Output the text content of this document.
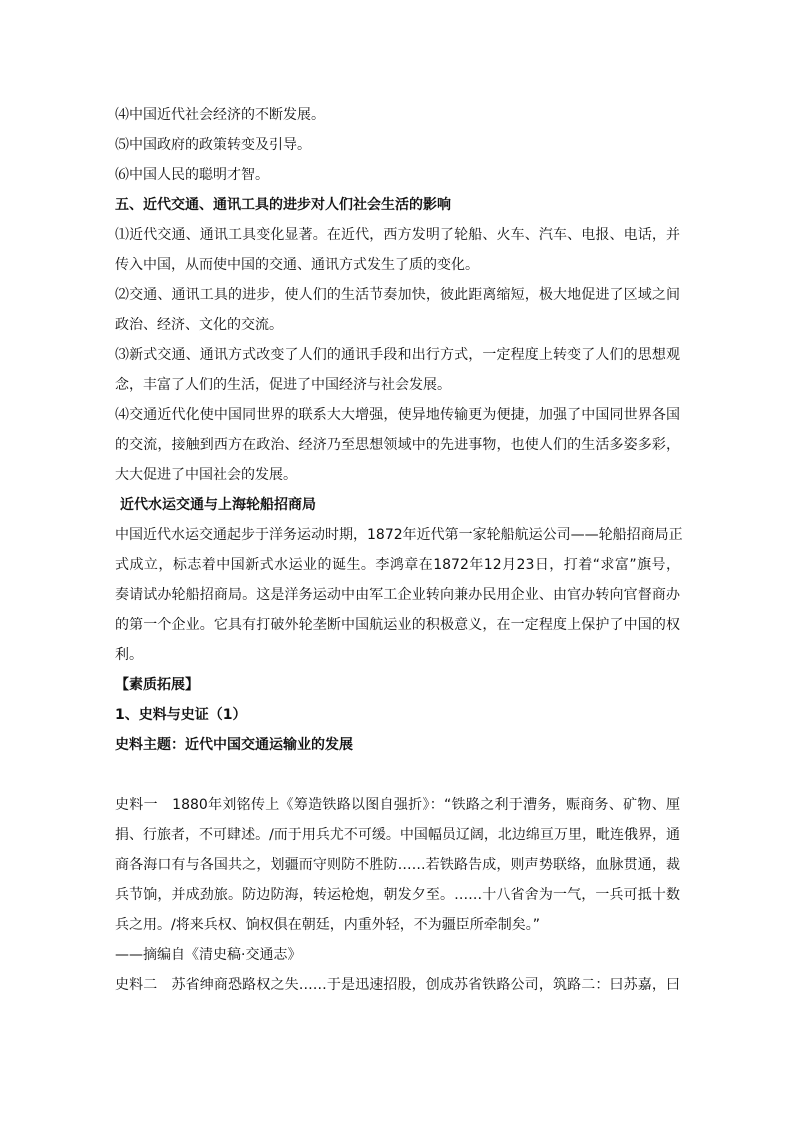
⑷中国近代社会经济的不断发展。
⑸中国政府的政策转变及引导。
⑹中国人民的聪明才智。
五、近代交通、通讯工具的进步对人们社会生活的影响
⑴近代交通、通讯工具变化显著。在近代，西方发明了轮船、火车、汽车、电报、电话，并
传入中国，从而使中国的交通、通讯方式发生了质的变化。
⑵交通、通讯工具的进步，使人们的生活节奏加快，彼此距离缩短，极大地促进了区域之间
政治、经济、文化的交流。
⑶新式交通、通讯方式改变了人们的通讯手段和出行方式，一定程度上转变了人们的思想观
念，丰富了人们的生活，促进了中国经济与社会发展。
⑷交通近代化使中国同世界的联系大大增强，使异地传输更为便捷，加强了中国同世界各国
的交流，接触到西方在政治、经济乃至思想领域中的先进事物，也使人们的生活多姿多彩，
大大促进了中国社会的发展。
近代水运交通与上海轮船招商局
中国近代水运交通起步于洋务运动时期，1872年近代第一家轮船航运公司——轮船招商局正
式成立，标志着中国新式水运业的诞生。李鸿章在1872年12月23日，打着“求富”旗号，
奏请试办轮船招商局。这是洋务运动中由军工企业转向兼办民用企业、由官办转向官督商办
的第一个企业。它具有打破外轮垄断中国航运业的积极意义，在一定程度上保护了中国的权
利。
【素质拓展】
1、史料与史证（1）
史料主题：近代中国交通运输业的发展
史料一　1880年刘铭传上《筹造铁路以图自强折》：“铁路之利于漕务，赈商务、矿物、厘
捐、行旅者，不可肆述。/而于用兵尤不可缓。中国幅员辽阔，北边绵亘万里，毗连俄界，通
商各海口有与各国共之，划疆而守则防不胜防……若铁路告成，则声势联络，血脉贯通，裁
兵节饷，并成劲旅。防边防海，转运枪炮，朝发夕至。……十八省舍为一气，一兵可抵十数
兵之用。/将来兵权、饷权俱在朝廷，内重外轻，不为疆臣所牵制矣。”
——摘编自《清史稿·交通志》
史料二　苏省绅商恐路权之失……于是迅速招股，创成苏省铁路公司，筑路二：曰苏嘉，曰
